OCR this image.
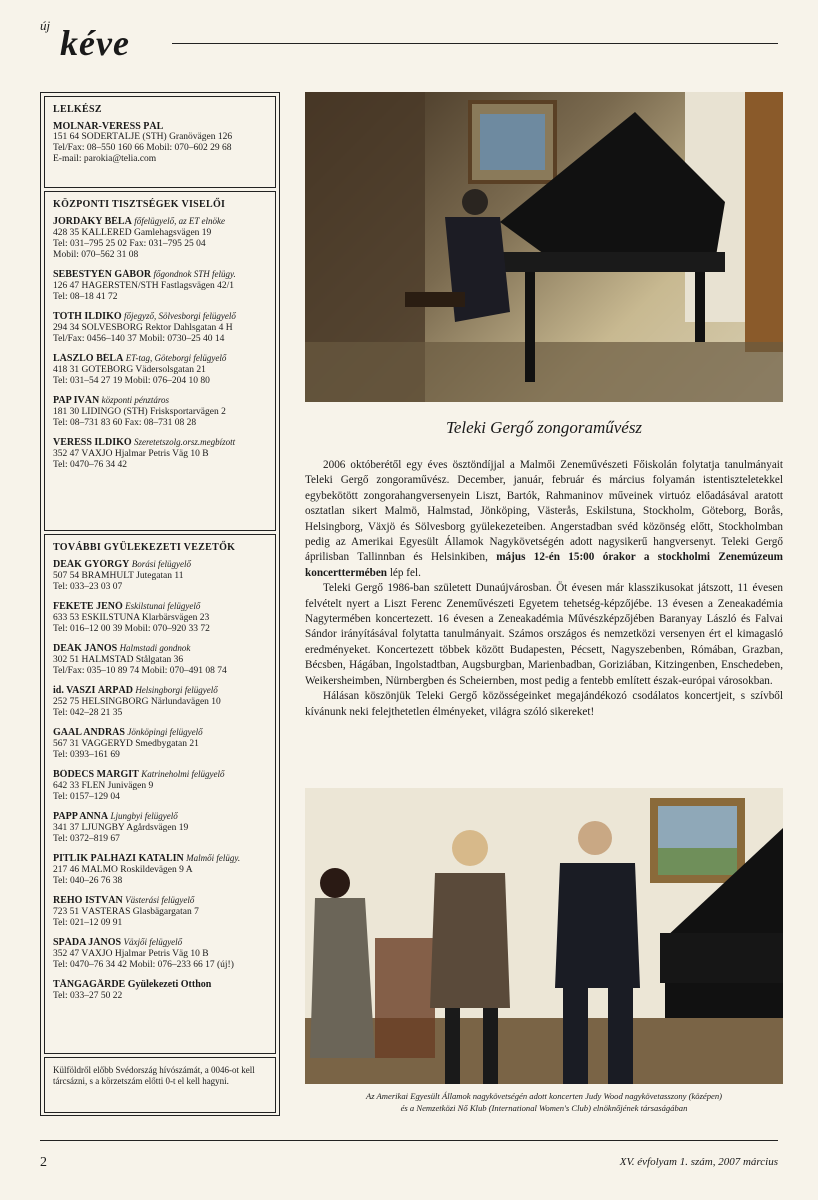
új kéve
LELKÉSZ
MOLNÁR-VERESS PÁL
151 64 SÖDERTÄLJE (STH) Granövägen 126
Tel/Fax: 08–550 160 66 Mobil: 070–602 29 68
E-mail: parokia@telia.com
KÖZPONTI TISZTSÉGEK VISELŐI
JORDÁKY BÉLA főfelügyelő, az ET elnöke
428 35 KÅLLERED Gamlehagsvägen 19
Tel: 031–795 25 02 Fax: 031–795 25 04
Mobil: 070–562 31 08
SEBESTYÉN GÁBOR főgondnok STH felügy.
126 47 HÄGERSTEN/STH Fastlagsvägen 42/1
Tel: 08–18 41 72
TÓTH ILDIKÓ főjegyző, Sölvesborgi felügyelő
294 34 SÖLVESBORG Rektor Dahlsgatan 4 H
Tel/Fax: 0456–140 37 Mobil: 0730–25 40 14
LÁSZLÓ BÉLA ET-tag, Göteborgi felügyelő
418 31 GÖTEBORG Vädersolsgatan 21
Tel: 031–54 27 19 Mobil: 076–204 10 80
PAP IVÁN központi pénztáros
181 30 LIDINGÖ (STH) Frisksportarvägen 2
Tel: 08–731 83 60 Fax: 08–731 08 28
VERESS ILDIKÓ Szeretetszolg.orsz.megbízott
352 47 VÄXJÖ Hjalmar Petris Väg 10 B
Tel: 0470–76 34 42
TOVÁBBI GYÜLEKEZETI VEZETŐK
DEÁK GYÖRGY Borási felügyelő
507 54 BRÄMHULT Jutegatan 11
Tel: 033–23 03 07
FEKETE JENŐ Eskilstunai felügyelő
633 53 ESKILSTUNA Klarbärsvägen 23
Tel: 016–12 00 39 Mobil: 070–920 33 72
DEÁK JÁNOS Halmstadi gondnok
302 51 HALMSTAD Stålgatan 36
Tel/Fax: 035–10 89 74 Mobil: 070–491 08 74
id. VASZI ÁRPÁD Helsingborgi felügyelő
252 75 HELSINGBORG Närlundavägen 10
Tel: 042–28 21 35
GAAL ANDRÁS Jönköpingi felügyelő
567 31 VAGGERYD Smedbygatan 21
Tel: 0393–161 69
BÖDECS MARGIT Katrineholmi felügyelő
642 33 FLEN Junivägen 9
Tel: 0157–129 04
PAPP ANNA Ljungbyi felügyelő
341 37 LJUNGBY Agårdsvägen 19
Tel: 0372–819 67
PITLIK PÁLHÁZI KATALIN Malmői felügy.
217 46 MALMÖ Roskildevägen 9 A
Tel: 040–26 76 38
REHÓ ISTVÁN Västerási felügyelő
723 51 VÄSTERÅS Glasbägargatan 7
Tel: 021–12 09 91
SPÁDA JÁNOS Växjői felügyelő
352 47 VÄXJÖ Hjalmar Petris Väg 10 B
Tel: 0470–76 34 42 Mobil: 076–233 66 17 (új!)
TÅNGAGÅRDE Gyülekezeti Otthon
Tel: 033–27 50 22
Külföldről előbb Svédország hívószámát, a 0046-ot kell tárcsázni, s a körzetszám előtti 0-t el kell hagyni.
Teleki Gergő zongoraművész

2006 októberétől egy éves ösztöndíjjal a Malmői Zeneművészeti Főiskolán folytatja tanulmányait Teleki Gergő zongoraművész. December, január, február és március folyamán istentiszteletekkel egybekötött zongorahangversenyein Liszt, Bartók, Rahmaninov műveinek virtuóz előadásával aratott osztatlan sikert Malmö, Halmstad, Jönköping, Västerås, Eskilstuna, Stockholm, Göteborg, Borås, Helsingborg, Växjö és Sölvesborg gyülekezeteiben. Angerstadban svéd közönség előtt, Stockholmban pedig az Amerikai Egyesült Államok Nagykövetségén adott nagysikerű hangversenyt. Teleki Gergő áprilisban Tallinnban és Helsinkiben, május 12-én 15:00 órakor a stockholmi Zenemúzeum koncerttermében lép fel.

Teleki Gergő 1986-ban született Dunaújvárosban. Öt évesen már klasszikusokat játszott, 11 évesen felvételt nyert a Liszt Ferenc Zeneművészeti Egyetem tehetség-képzőjébe. 13 évesen a Zeneakadémia Nagytermében koncertezett. 16 évesen a Zeneakadémia Művészképzőjében Baranyay László és Falvai Sándor irányításával folytatta tanulmányait. Számos országos és nemzetközi versenyen ért el kimagasló eredményeket. Koncertezett többek között Budapesten, Pécsett, Nagyszebenben, Rómában, Grazban, Bécsben, Hágában, Ingolstadtban, Augsburgban, Marienbadban, Goriziában, Kitzingenben, Enschedeben, Weikersheimben, Nürnbergben és Scheiernben, most pedig a fentebb említett észak-európai városokban.

Hálásan köszönjük Teleki Gergő közösségeinket megajándékozó csodálatos koncertjeit, s szívből kívánunk neki felejthetetlen élményeket, világra szóló sikereket!

Az Amerikai Egyesült Államok nagykövetségén adott koncerten Judy Wood nagykövetasszony (középen)
és a Nemzetközi Nő Klub (International Women's Club) elnöknőjének társaságában
2	XV. évfolyam 1. szám, 2007 március
